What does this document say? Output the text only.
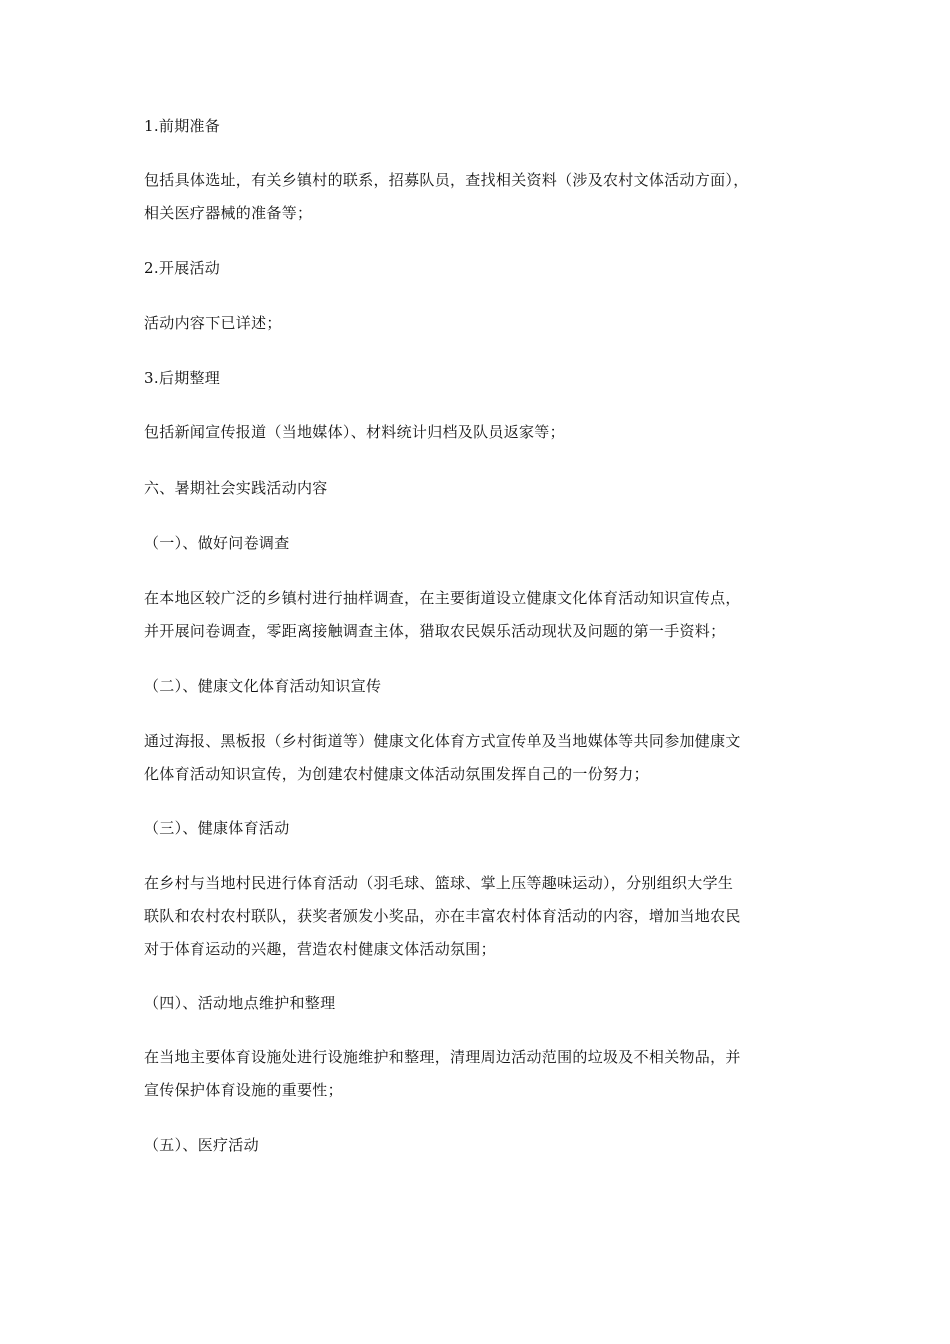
1.前期准备
包括具体选址，有关乡镇村的联系，招募队员，查找相关资料（涉及农村文体活动方面），
相关医疗器械的准备等；
2.开展活动
活动内容下已详述；
3.后期整理
包括新闻宣传报道（当地媒体）、材料统计归档及队员返家等；
六、暑期社会实践活动内容
（一）、做好问卷调查
在本地区较广泛的乡镇村进行抽样调查，在主要街道设立健康文化体育活动知识宣传点，
并开展问卷调查，零距离接触调查主体，猎取农民娱乐活动现状及问题的第一手资料；
（二）、健康文化体育活动知识宣传
通过海报、黑板报（乡村街道等）健康文化体育方式宣传单及当地媒体等共同参加健康文
化体育活动知识宣传，为创建农村健康文体活动氛围发挥自己的一份努力；
（三）、健康体育活动
在乡村与当地村民进行体育活动（羽毛球、篮球、掌上压等趣味运动），分别组织大学生
联队和农村农村联队，获奖者颁发小奖品，亦在丰富农村体育活动的内容，增加当地农民
对于体育运动的兴趣，营造农村健康文体活动氛围；
（四）、活动地点维护和整理
在当地主要体育设施处进行设施维护和整理，清理周边活动范围的垃圾及不相关物品，并
宣传保护体育设施的重要性；
（五）、医疗活动
